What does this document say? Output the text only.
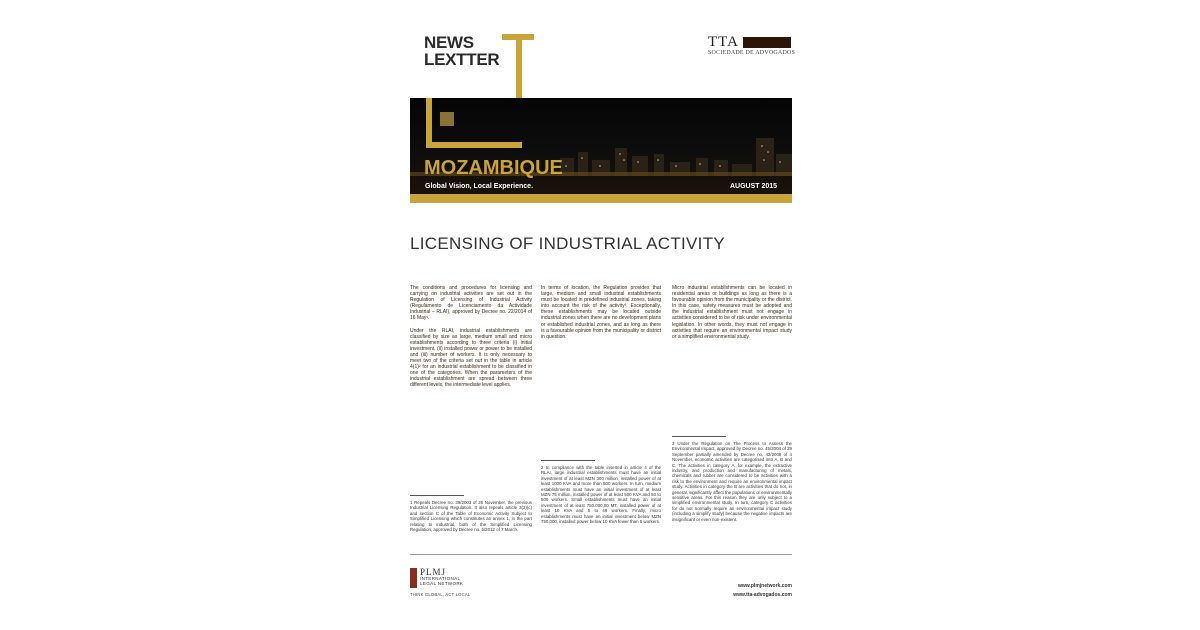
NEWS
LEXTTER
TTA
SOCIEDADE DE ADVOGADOS
MOZAMBIQUE
Global Vision, Local Experience.	AUGUST 2015
LICENSING OF INDUSTRIAL ACTIVITY

The conditions and procedures for licensing and carrying on industrial activities are set out in the Regulation of Licensing of Industrial Activity (Regulamento de Licenciamento da Actividade Industrial – RLAI), approved by Decree no. 22/2014 of 16 May¹.

Under the RLAI, industrial establishments are classified by size as large, medium small and micro establishments according to three criteria (i) initial investment, (ii) installed power or power to be installed and (iii) number of workers. It is only necessary to meet two of the criteria set out in the table in article 4(1)² for an industrial establishment to be classified in one of the categories. When the parameters of the industrial establishment are spread between three different levels, the intermediate level applies.

In terms of location, the Regulation provides that large, medium and small industrial establishments must be located in predefined industrial zones, taking into account the risk of the activity³. Exceptionally, these establishments may be located outside industrial zones when there are no development plans or established industrial zones, and as long as there is a favourable opinion from the municipality or district in question.

Micro industrial establishments can be located in residential areas or buildings as long as there is a favourable opinion from the municipality or the district. In this case, safety measures must be adopted and the industrial establishment must not engage in activities considered to be of risk under environmental legislation. In other words, they must not engage in activities that require an environmental impact study or a simplified environmental study.

1 Repeals Decree no. 39/2003 of 26 November, the previous Industrial Licensing Regulation. It also repeals article 3(2)(c) and section C of the Table of Economic Activity Subject to Simplified Licensing which constitutes an annex 1, in the part relating to industrial, both of the Simplified Licensing Regulation, approved by Decree no. 5/2012 of 7 March.
2 In compliance with the table inserted in article 4 of the RLAI, large industrial establishments must have an initial investment of at least MZN 300 million, installed power of at least 1000 KVA and more than 500 workers. In turn, medium establishments must have an initial investment of at least MZN 75 million, installed power of at least 500 KVA and 50 to 500 workers. Small establishments must have an initial investment of at least 750.000,00 MT, installed power of at least 10 KVA and 5 to 49 workers. Finally, micro establishments must have an initial investment below MZN 750,000, installed power below 10 KVA fewer than 5 workers.
3 Under the Regulation on The Process to Assess the Environmental Impact, approved by Decree no. 45/2004 of 29 September partially amended by Decree no. 42/2008 of 4 November, economic activities are categorised into A, B and C. The activities in category A, for example, the extractive industry, and production and manufacturing of metals, chemicals and rubber are considered to be activities with a risk to the environment and require an environmental impact study. Activities in category the B are activities that do not, in general, significantly affect the populations or environmentally sensitive areas. For this reason they are only subject to a simplified environmental study. In turn, category C activities for do not normally require an environmental impact study (including a simplify study) because the negative impacts are insignificant or even non-existent.
PLMJ
INTERNATIONAL
LEGAL NETWORK
THINK GLOBAL, ACT LOCAL
www.plmjnetwork.com
www.tta-advogados.com
